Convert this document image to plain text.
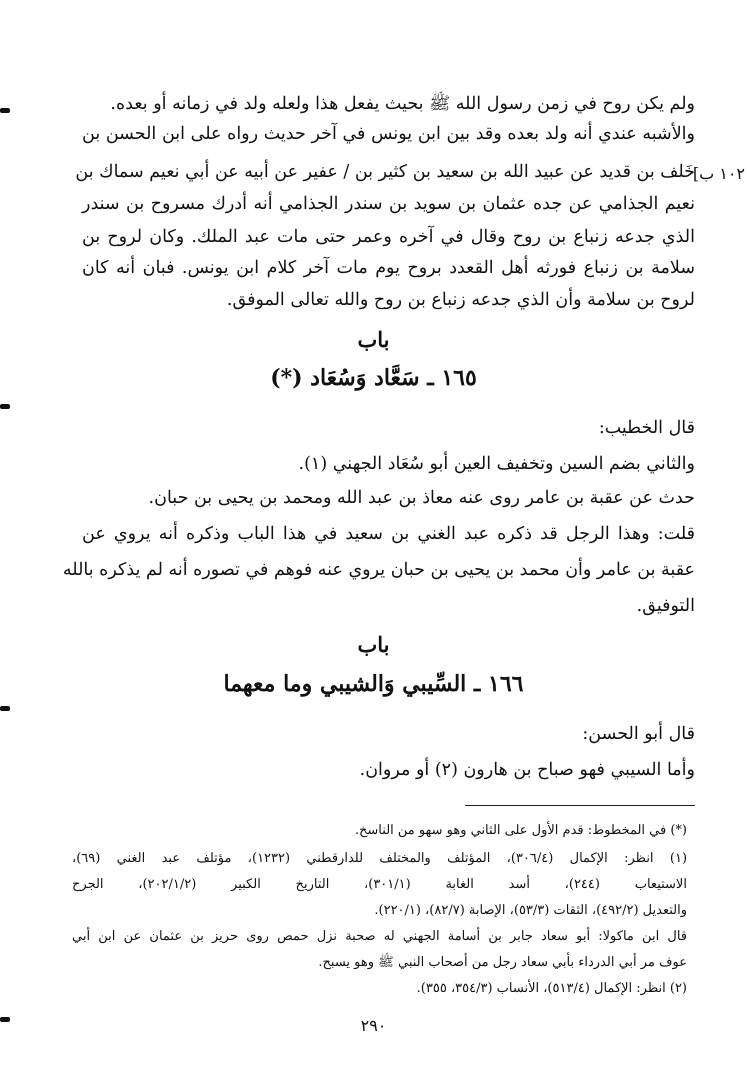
١٠٢ ب]
ولم يكن روح في زمن رسول الله ﷺ بحيث يفعل هذا ولعله ولد في زمانه أو بعده.
والأشبه عندي أنه ولد بعده وقد بين ابن يونس في آخر حديث رواه على ابن الحسن بن
خَلف بن قديد عن عبيد الله بن سعيد بن كثير بن / عفير عن أبيه عن أبي نعيم سماك بن
نعيم الجذامي عن جده عثمان بن سويد بن سندر الجذامي أنه أدرك مسروح بن سندر
الذي جدعه زنباع بن روح وقال في آخره وعمر حتى مات عبد الملك. وكان لروح بن
سلامة بن زنباع فورثه أهل القعدد بروح يوم مات آخر كلام ابن يونس. فبان أنه كان
لروح بن سلامة وأن الذي جدعه زنباع بن روح والله تعالى الموفق.
باب
١٦٥ ـ سَعَّاد وَسُعَاد (*)
قال الخطيب:
والثاني بضم السين وتخفيف العين أبو سُعَاد الجهني (١).
حدث عن عقبة بن عامر روى عنه معاذ بن عبد الله ومحمد بن يحيى بن حبان.
قلت: وهذا الرجل قد ذكره عبد الغني بن سعيد في هذا الباب وذكره أنه يروي عن
عقبة بن عامر وأن محمد بن يحيى بن حبان يروي عنه فوهم في تصوره أنه لم يذكره بالله
التوفيق.
باب
١٦٦ ـ السِّيبي وَالشيبي وما معهما
قال أبو الحسن:
وأما السيبي فهو صباح بن هارون (٢) أو مروان.
(*) في المخطوط: قدم الأول على الثاني وهو سهو من الناسخ.
(١) انظر: الإكمال (٣٠٦/٤)، المؤتلف والمختلف للدارقطني (١٢٣٢)، مؤتلف عبد الغني (٦٩)،
الاستيعاب (٢٤٤)، أسد الغابة (٣٠١/١)، التاريخ الكبير (٢٠٢/١/٢)، الجرح
والتعديل (٤٩٢/٢)، الثقات (٥٣/٣)، الإصابة (٨٢/٧)، (٢٢٠/١).
قال ابن ماكولا: أبو سعاد جابر بن أسامة الجهني له صحبة نزل حمص روى حريز بن عثمان عن ابن أبي
عوف مر أبي الدرداء بأبي سعاد رجل من أصحاب النبي ﷺ وهو يسبح.
(٢) انظر: الإكمال (٥١٣/٤)، الأنساب (٣٥٤/٣، ٣٥٥).
٢٩٠
